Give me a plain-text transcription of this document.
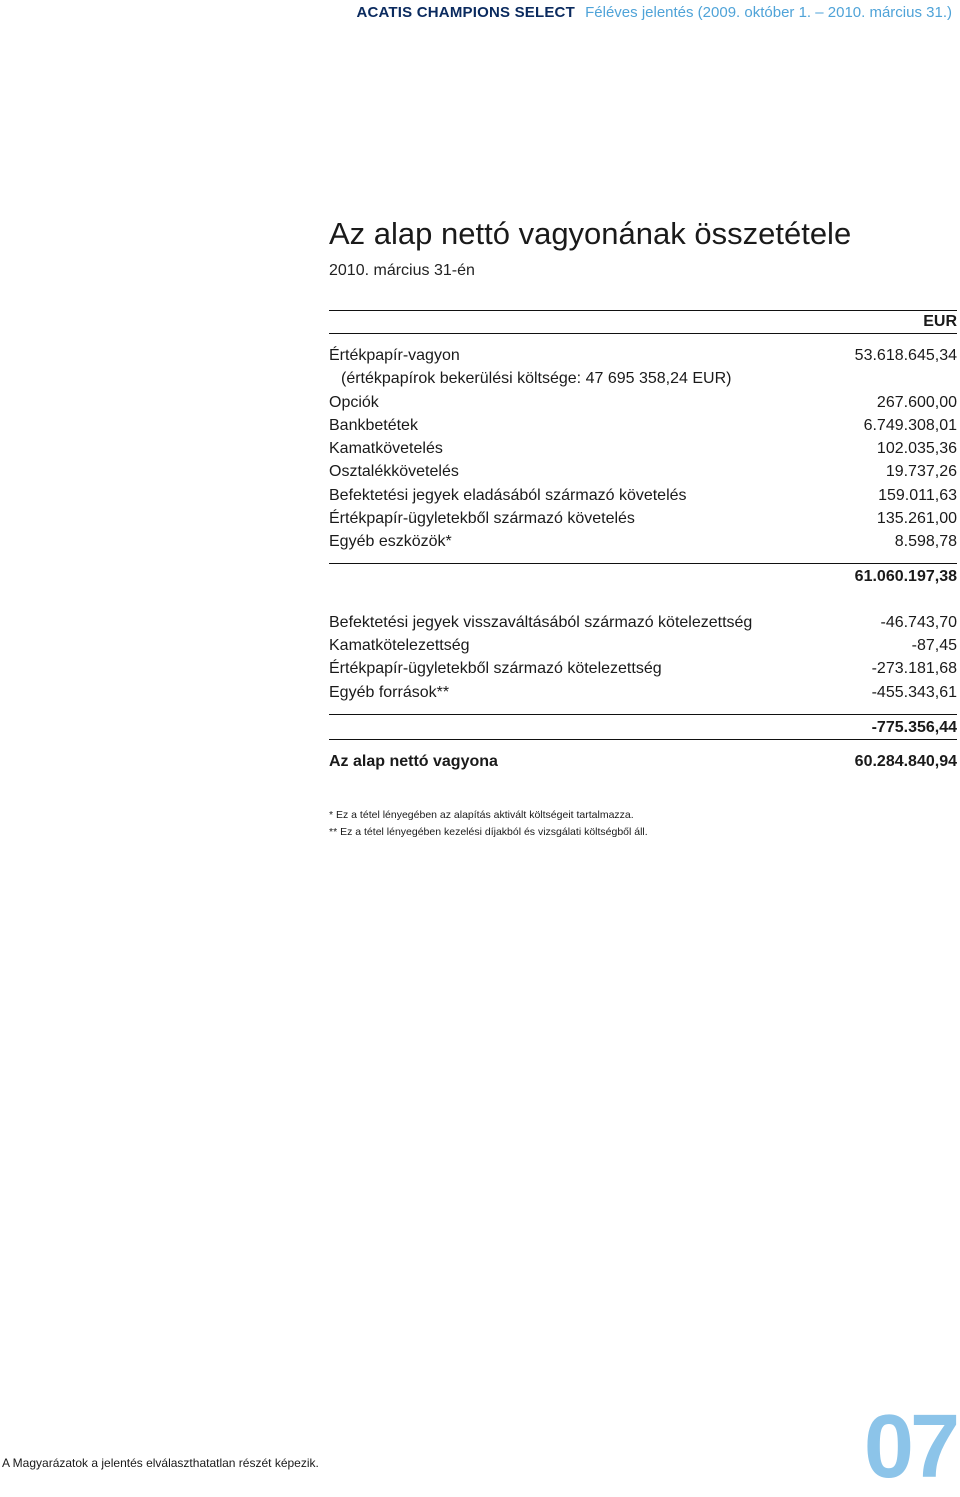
ACATIS CHAMPIONS SELECT Féléves jelentés (2009. október 1. – 2010. március 31.)
Az alap nettó vagyonának összetétele
2010. március 31-én
EUR
Értékpapír-vagyon	53.618.645,34
(értékpapírok bekerülési költsége: 47 695 358,24 EUR)
Opciók	267.600,00
Bankbetétek	6.749.308,01
Kamatkövetelés	102.035,36
Osztalékkövetelés	19.737,26
Befektetési jegyek eladásából származó követelés	159.011,63
Értékpapír-ügyletekből származó követelés	135.261,00
Egyéb eszközök*	8.598,78
61.060.197,38
Befektetési jegyek visszaváltásából származó kötelezettség	-46.743,70
Kamatkötelezettség	-87,45
Értékpapír-ügyletekből származó kötelezettség	-273.181,68
Egyéb források**	-455.343,61
-775.356,44
Az alap nettó vagyona	60.284.840,94
* Ez a tétel lényegében az alapítás aktivált költségeit tartalmazza.
** Ez a tétel lényegében kezelési díjakból és vizsgálati költségből áll.
A Magyarázatok a jelentés elválaszthatatlan részét képezik.	07
